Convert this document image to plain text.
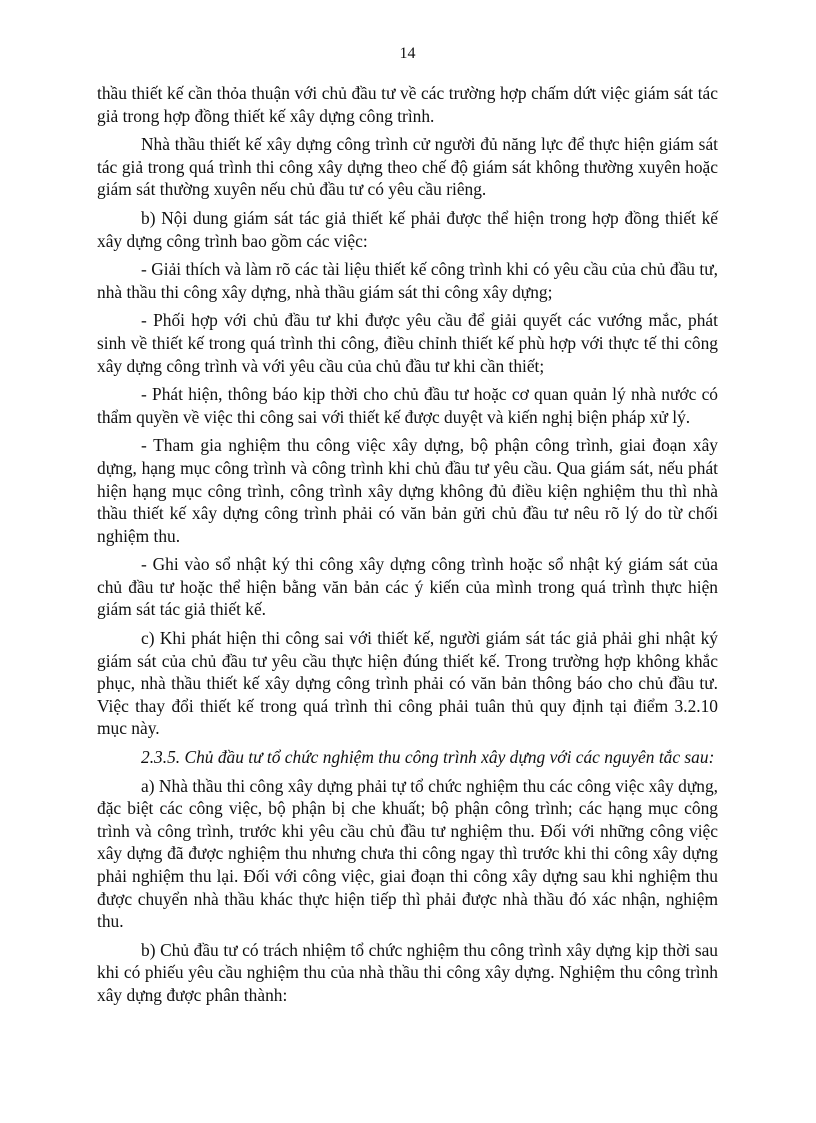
14

thầu thiết kế cần thỏa thuận với chủ đầu tư về các trường hợp chấm dứt việc giám sát tác giả trong hợp đồng thiết kế xây dựng công trình.

Nhà thầu thiết kế xây dựng công trình cử người đủ năng lực để thực hiện giám sát tác giả trong quá trình thi công xây dựng theo chế độ giám sát không thường xuyên hoặc giám sát thường xuyên nếu chủ đầu tư có yêu cầu riêng.

b) Nội dung giám sát tác giả thiết kế phải được thể hiện trong hợp đồng thiết kế xây dựng công trình bao gồm các việc:

- Giải thích và làm rõ các tài liệu thiết kế công trình khi có yêu cầu của chủ đầu tư, nhà thầu thi công xây dựng, nhà thầu giám sát thi công xây dựng;

- Phối hợp với chủ đầu tư khi được yêu cầu để giải quyết các vướng mắc, phát sinh về thiết kế trong quá trình thi công, điều chỉnh thiết kế phù hợp với thực tế thi công xây dựng công trình và với yêu cầu của chủ đầu tư khi cần thiết;

- Phát hiện, thông báo kịp thời cho chủ đầu tư hoặc cơ quan quản lý nhà nước có thẩm quyền về việc thi công sai với thiết kế được duyệt và kiến nghị biện pháp xử lý.

- Tham gia nghiệm thu công việc xây dựng, bộ phận công trình, giai đoạn xây dựng, hạng mục công trình và công trình khi chủ đầu tư yêu cầu. Qua giám sát, nếu phát hiện hạng mục công trình, công trình xây dựng không đủ điều kiện nghiệm thu thì nhà thầu thiết kế xây dựng công trình phải có văn bản gửi chủ đầu tư nêu rõ lý do từ chối nghiệm thu.

- Ghi vào sổ nhật ký thi công xây dựng công trình hoặc sổ nhật ký giám sát của chủ đầu tư hoặc thể hiện bằng văn bản các ý kiến của mình trong quá trình thực hiện giám sát tác giả thiết kế.

c) Khi phát hiện thi công sai với thiết kế, người giám sát tác giả phải ghi nhật ký giám sát của chủ đầu tư yêu cầu thực hiện đúng thiết kế. Trong trường hợp không khắc phục, nhà thầu thiết kế xây dựng công trình phải có văn bản thông báo cho chủ đầu tư. Việc thay đổi thiết kế trong quá trình thi công phải tuân thủ quy định tại điểm 3.2.10 mục này.

2.3.5. Chủ đầu tư tổ chức nghiệm thu công trình xây dựng với các nguyên tắc sau:

a) Nhà thầu thi công xây dựng phải tự tổ chức nghiệm thu các công việc xây dựng, đặc biệt các công việc, bộ phận bị che khuất; bộ phận công trình; các hạng mục công trình và công trình, trước khi yêu cầu chủ đầu tư nghiệm thu. Đối với những công việc xây dựng đã được nghiệm thu nhưng chưa thi công ngay thì trước khi thi công xây dựng phải nghiệm thu lại. Đối với công việc, giai đoạn thi công xây dựng sau khi nghiệm thu được chuyển nhà thầu khác thực hiện tiếp thì phải được nhà thầu đó xác nhận, nghiệm thu.

b) Chủ đầu tư có trách nhiệm tổ chức nghiệm thu công trình xây dựng kịp thời sau khi có phiếu yêu cầu nghiệm thu của nhà thầu thi công xây dựng. Nghiệm thu công trình xây dựng được phân thành:
